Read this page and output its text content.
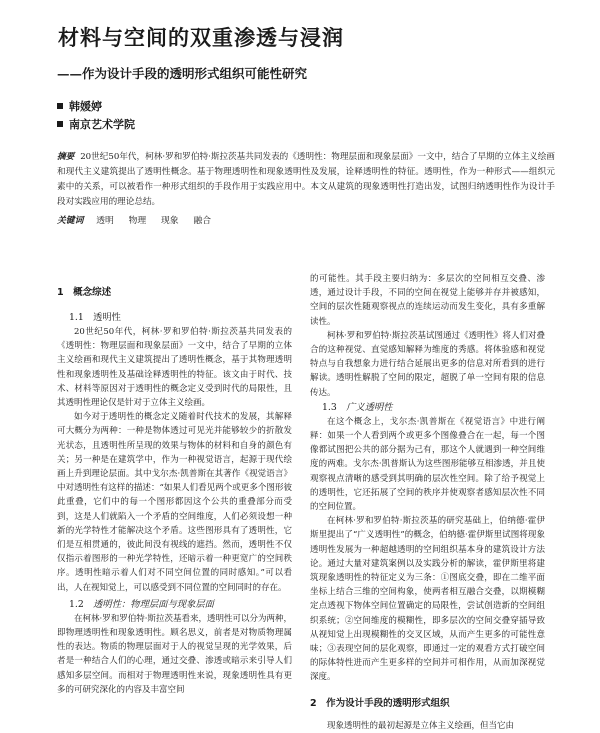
材料与空间的双重渗透与浸润
——作为设计手段的透明形式组织可能性研究
韩媛婷
南京艺术学院
摘要 20世纪50年代，柯林·罗和罗伯特·斯拉茨基共同发表的《透明性：物理层面和现象层面》一文中，结合了早期的立体主义绘画和现代主义建筑提出了透明性概念。基于物理透明性和现象透明性及发展，诠释透明性的特征。透明性，作为一种形式——组织元素中的关系，可以被看作一种形式组织的手段作用于实践应用中。本文从建筑的现象透明性打造出发，试图归纳透明性作为设计手段对实践应用的理论总结。
关键词 透明 物理 现象 融合
1　概念综述
1.1　透明性

20世纪50年代，柯林·罗和罗伯特·斯拉茨基共同发表的《透明性：物理层面和现象层面》一文中，结合了早期的立体主义绘画和现代主义建筑提出了透明性概念，基于其物理透明性和现象透明性及基础诠释透明性的特征。该文由于时代、技术、材料等原因对于透明性的概念定义受到时代的局限性，且其透明性理论仅是针对于立体主义绘画。

如今对于透明性的概念定义随着时代技术的发展，其解释可大概分为两种：一种是物体透过可见光并能够较少的折散发光状态，且透明性所呈现的效果与物体的材料和自身的颜色有关；另一种是在建筑学中，作为一种视觉语言，起源于现代绘画上升到理论层面。其中戈尔杰·凯普斯在其著作《视觉语言》中对透明性有这样的描述：“如果人们看见两个或更多个图形彼此重叠，它们中的每一个图形都因这个公共的重叠部分而受到，这是人们就陷入一个矛盾的空间维度，人们必须设想一种新的光学特性才能解决这个矛盾。这些图形具有了透明性，它们是互相贯通的，彼此间没有视线的遮挡。然而，透明性不仅仅指示着图形的一种光学特性，还暗示着一种更宽广的空间秩序。透明性暗示着人们对不同空间位置的同时感知。”可以看出，人在视知觉上，可以感受到不同位置的空间同时的存在。

1.2　透明性：物理层面与现象层面

在柯林·罗和罗伯特·斯拉茨基看来，透明性可以分为两种，即物理透明性和现象透明性。顾名思义，前者是对物质物理属性的表达。物质的物理层面对于人的视觉呈现的光学效果，后者是一种结合人们的心理，通过交叠、渗透或暗示来引导人们感知多层空间。而相对于物理透明性来说，现象透明性具有更多的可研究深化的内容及丰富空间

的可能性。其手段主要归纳为：多层次的空间相互交叠、渗透，通过设计手段，不同的空间在视觉上能够并存并被感知，空间的层次性随观察视点的连续运动而发生变化，具有多重解读性。

柯林·罗和罗伯特·斯拉茨基试图通过《透明性》将人们对叠合的这种视觉、直觉感知解释为维度的秀感。将体验感和视觉特点与自我想象力进行结合延展出更多的信息对所看到的进行解读。透明性解脱了空间的限定，超脱了单一空间有限的信息传达。

1.3　广义透明性

在这个概念上，戈尔杰·凯普斯在《视觉语言》中进行阐释：如果一个人看到两个或更多个图像叠合在一起，每一个图像都试图把公共的部分据为己有，那这个人就遇到一种空间维度的两难。戈尔杰·凯普斯认为这些图形能够互相渗透，并且使观察视点清晰的感受到其明确的层次性空间。除了给予视觉上的透明性，它还拓展了空间的秩序并使观察者感知层次性不同的空间位置。

在柯林·罗和罗伯特·斯拉茨基的研究基础上，伯纳德·霍伊斯里提出了“广义透明性”的概念，伯纳德·霍伊斯里试图将现象透明性发展为一种超越透明的空间组织基本身的建筑设计方法论。通过大量对建筑案例以及实践分析的解读，霍伊斯里将建筑现象透明性的特征定义为三条：①图底交叠，即在二维平面坐标上结合三维的空间构象，使两者相互融合交叠，以期模糊定点透视下物体空间位置确定的局限性，尝试创造新的空间组织系统；②空间维度的模糊性，即多层次的空间交叠穿插导致从视知觉上出现模糊性的交叉区域，从而产生更多的可能性意味；③表现空间的层化观察，即通过一定的观看方式打破空间的际体特性进而产生更多样的空间并可相作用，从而加深视觉深度。

2　作为设计手段的透明形式组织

现象透明性的最初起源是立体主义绘画，但当它由
